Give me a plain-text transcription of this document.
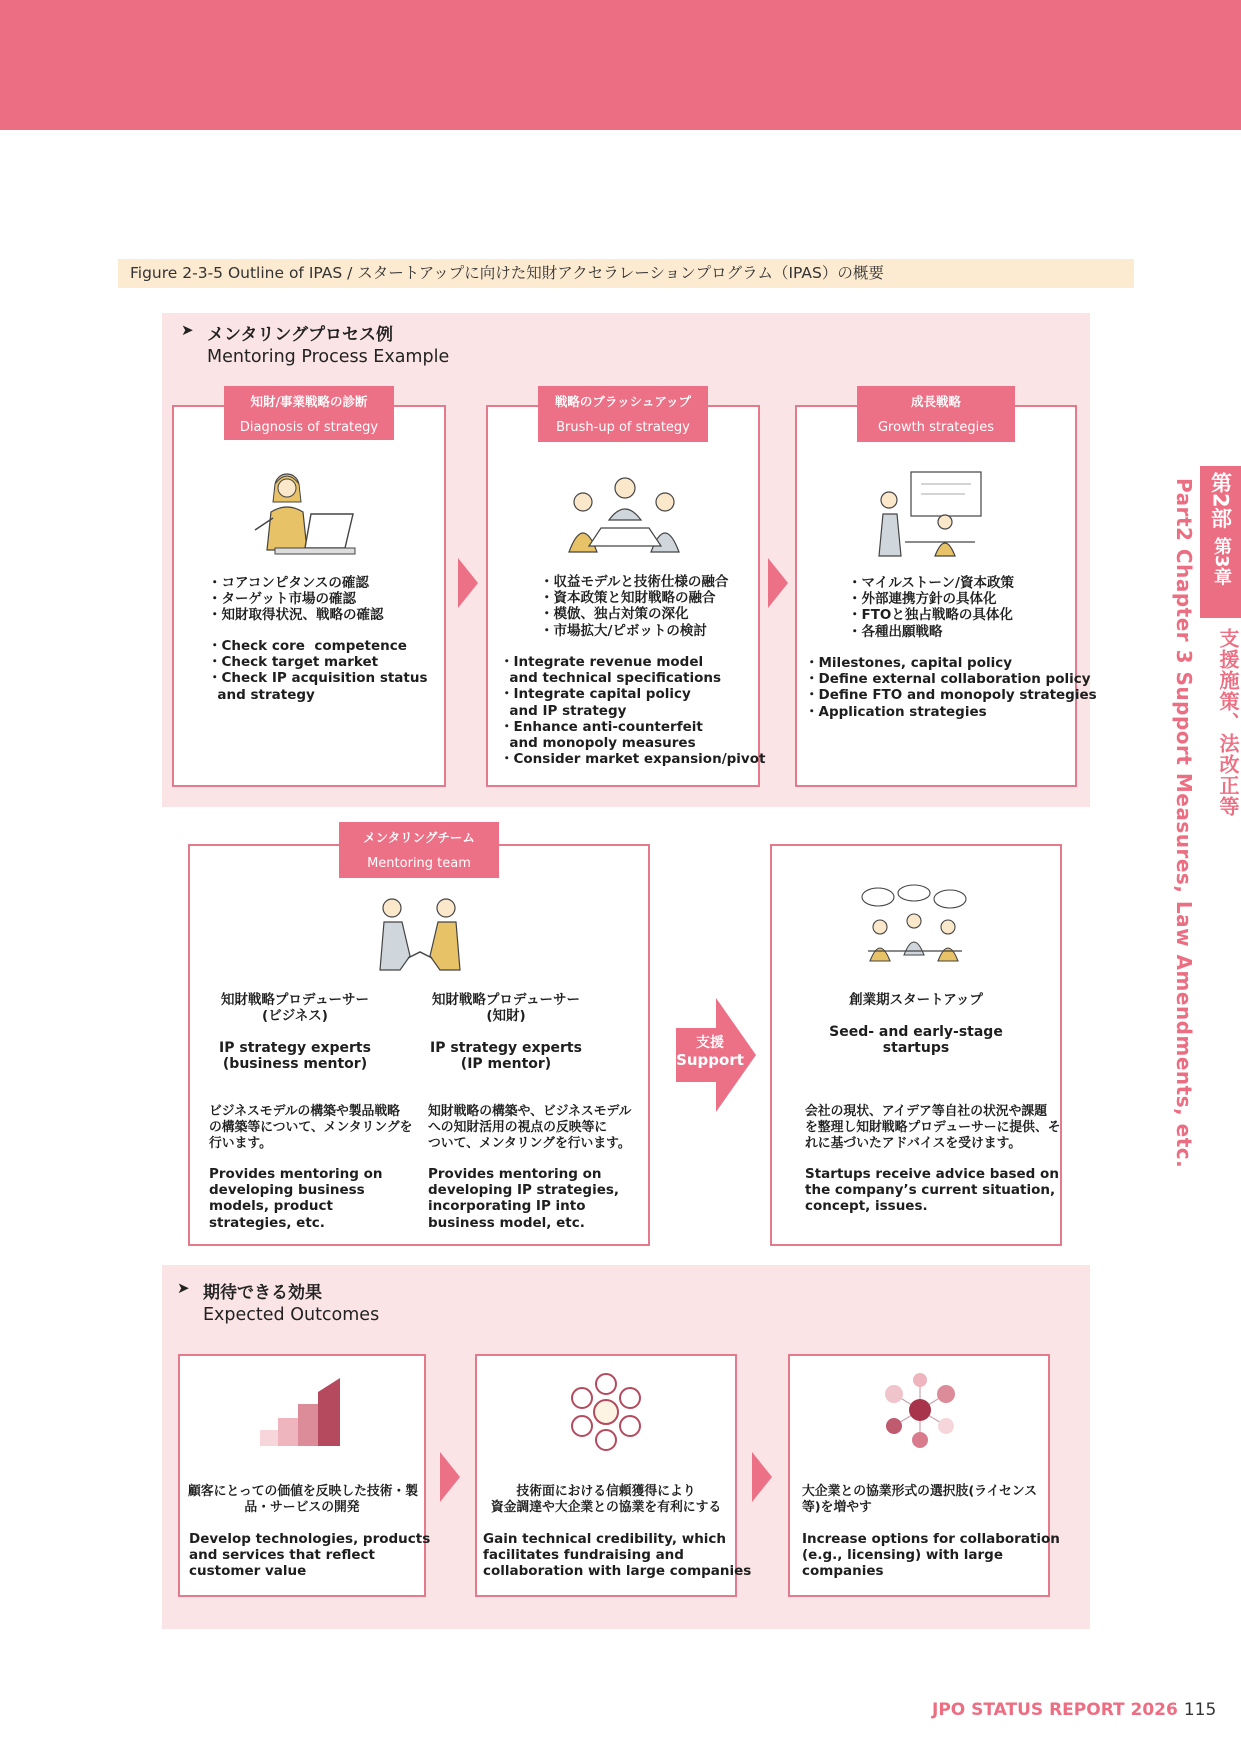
Figure 2-3-5 Outline of IPAS / スタートアップに向けた知財アクセラレーションプログラム（IPAS）の概要
第2部
第3章
支援施策、法改正等
Part2 Chapter 3 Support Measures, Law Amendments, etc.
➤ メンタリングプロセス例
Mentoring Process Example
知財/事業戦略の診断
Diagnosis of strategy
・コアコンピタンスの確認
・ターゲット市場の確認
・知財取得状況、戦略の確認
・Check core  competence
・Check target market
・Check IP acquisition status
and strategy
戦略のブラッシュアップ
Brush-up of strategy
・収益モデルと技術仕様の融合
・資本政策と知財戦略の融合
・模倣、独占対策の深化
・市場拡大/ピボットの検討
・Integrate revenue model
and technical specifications
・Integrate capital policy
and IP strategy
・Enhance anti-counterfeit
and monopoly measures
・Consider market expansion/pivot
成長戦略
Growth strategies
・マイルストーン/資本政策
・外部連携方針の具体化
・FTOと独占戦略の具体化
・各種出願戦略
・Milestones, capital policy
・Define external collaboration policy
・Define FTO and monopoly strategies
・Application strategies
メンタリングチーム
Mentoring team
知財戦略プロデューサー
(ビジネス)
IP strategy experts
(business mentor)
ビジネスモデルの構築や製品戦略
の構築等について、メンタリングを
行います。
Provides mentoring on
developing business
models, product
strategies, etc.
知財戦略プロデューサー
(知財)
IP strategy experts
(IP mentor)
知財戦略の構築や、ビジネスモデル
への知財活用の視点の反映等に
ついて、メンタリングを行います。
Provides mentoring on
developing IP strategies,
incorporating IP into
business model, etc.
支援
Support
創業期スタートアップ
Seed- and early-stage
startups
会社の現状、アイデア等自社の状況や課題
を整理し知財戦略プロデューサーに提供、そ
れに基づいたアドバイスを受けます。
Startups receive advice based on
the company’s current situation,
concept, issues.
➤ 期待できる効果
Expected Outcomes
顧客にとっての価値を反映した技術・製
品・サービスの開発
Develop technologies, products
and services that reflect
customer value
技術面における信頼獲得により
資金調達や大企業との協業を有利にする
Gain technical credibility, which
facilitates fundraising and
collaboration with large companies
大企業との協業形式の選択肢(ライセンス
等)を増やす
Increase options for collaboration
(e.g., licensing) with large
companies
JPO STATUS REPORT 2026 115
